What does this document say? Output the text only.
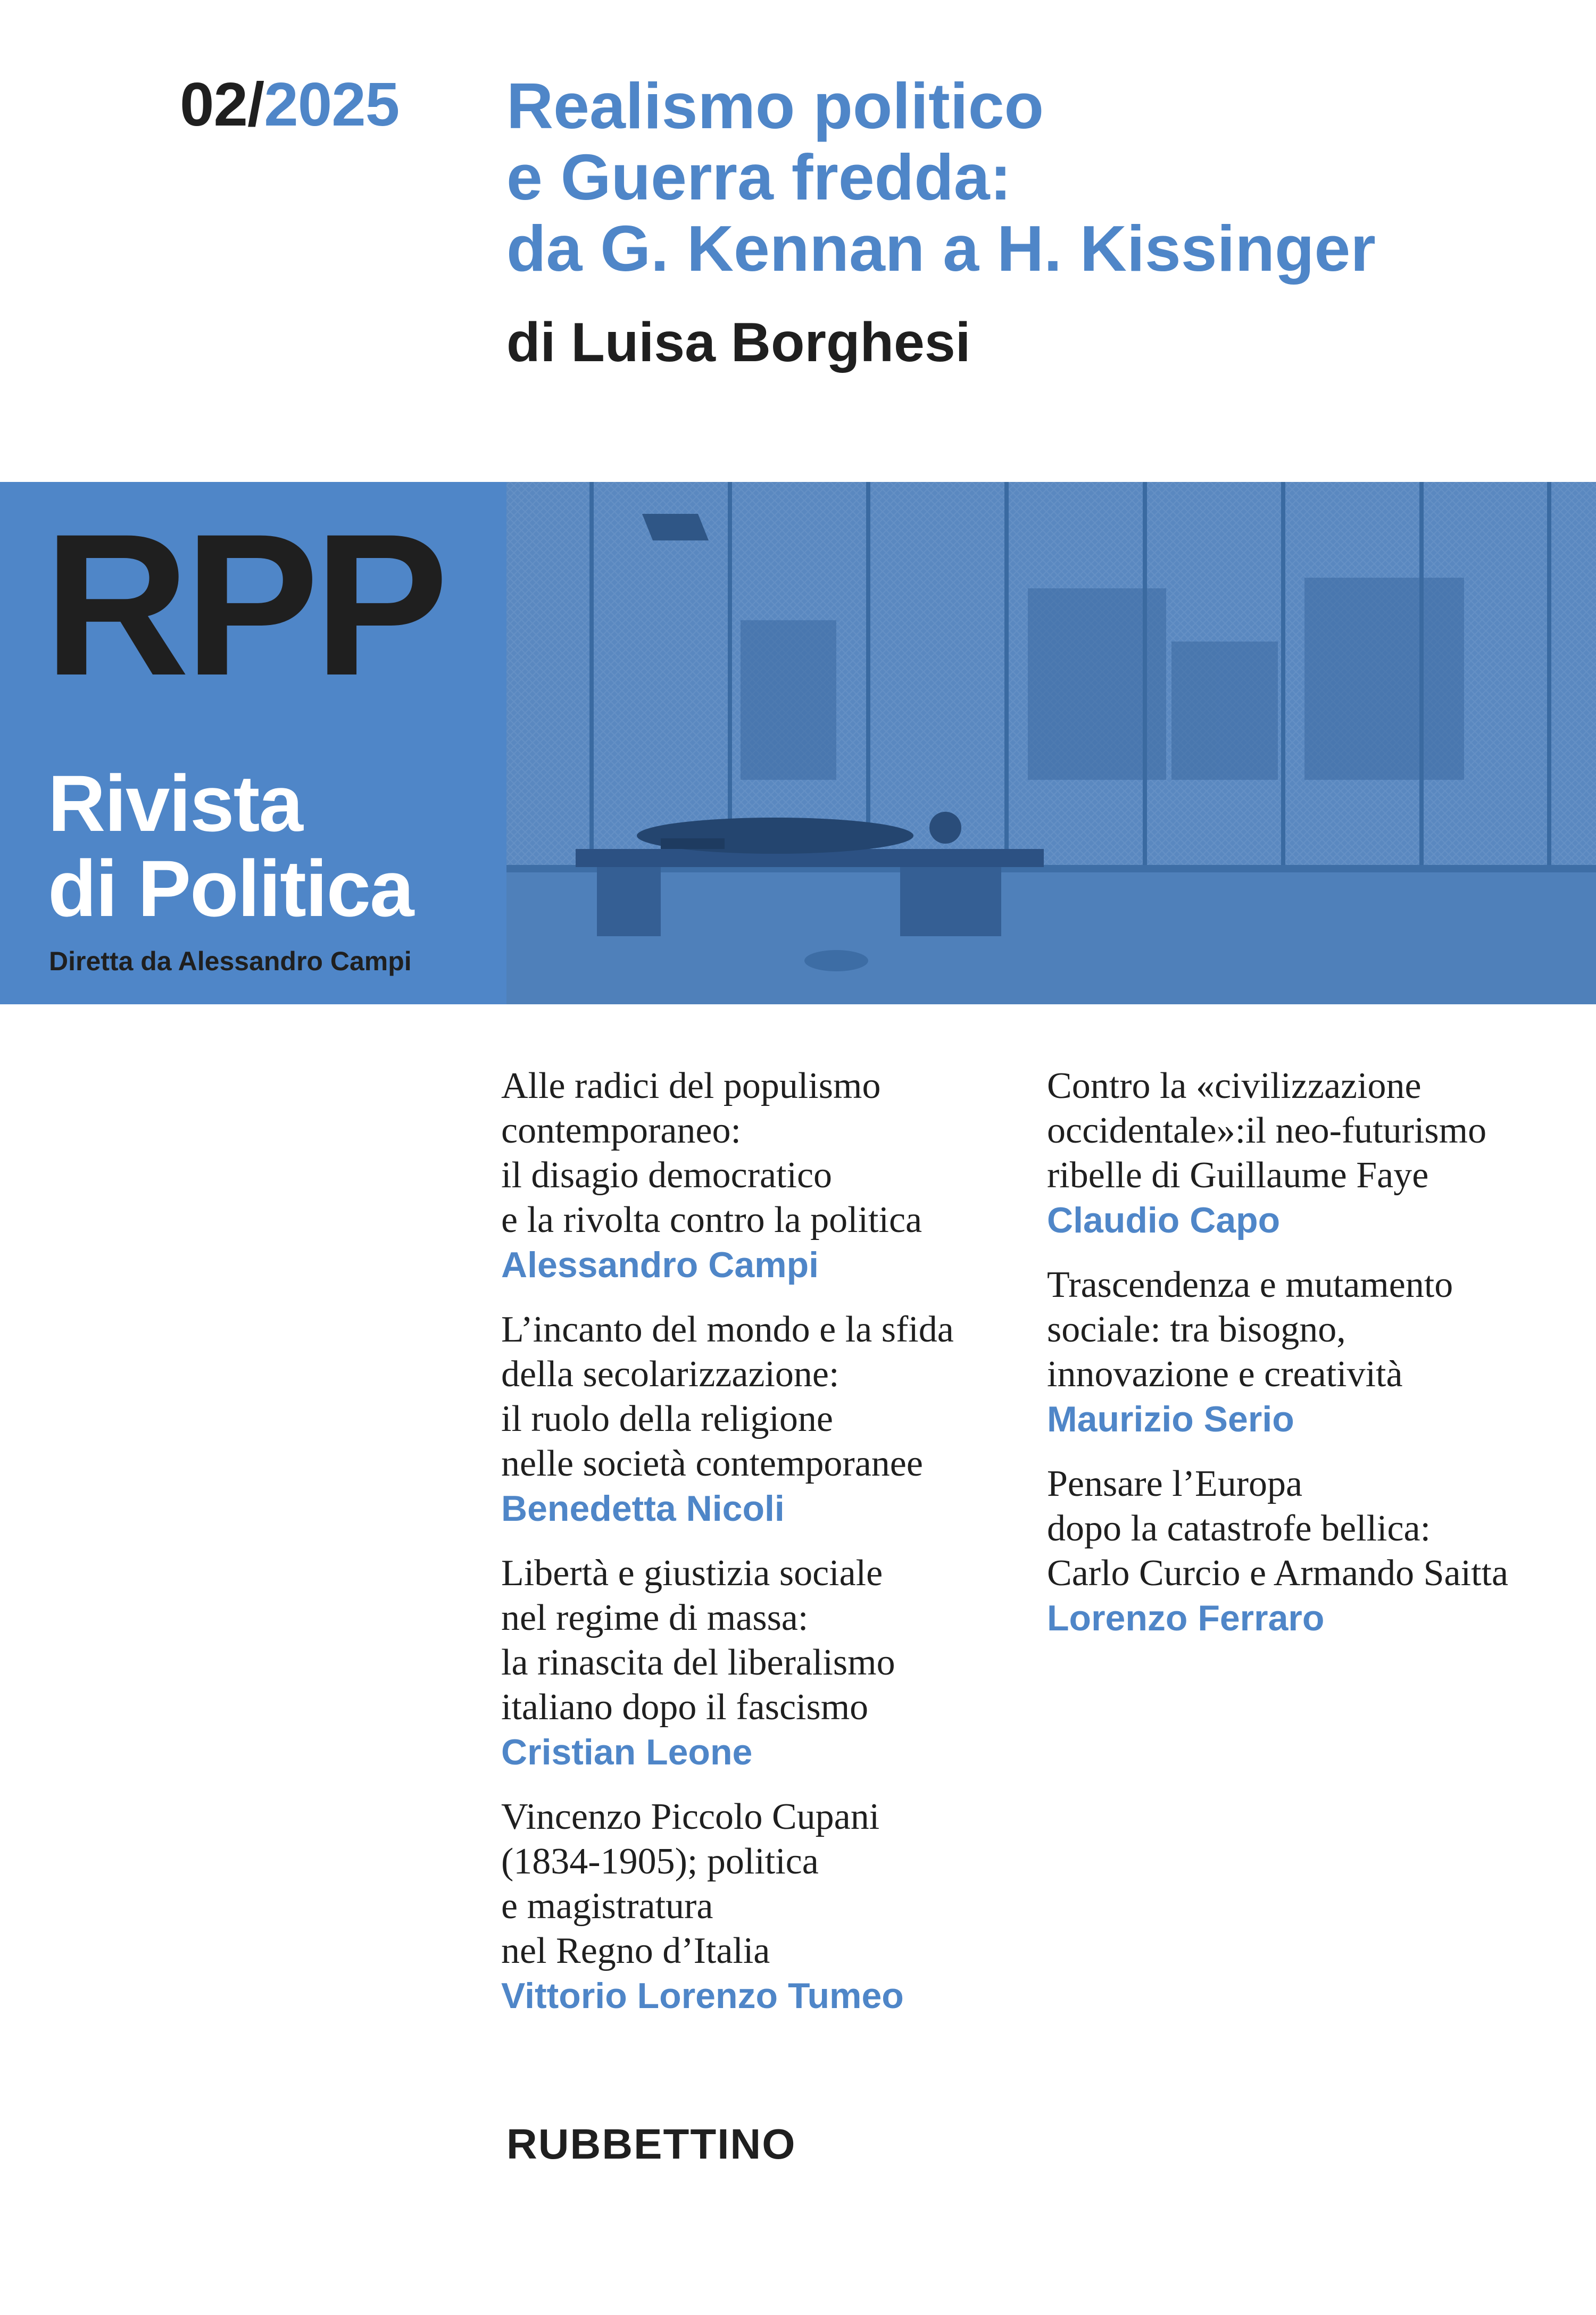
02/2025 Realismo politico
e Guerra fredda:
da G. Kennan a H. Kissinger
di Luisa Borghesi
RPP
Rivista
di Politica
Diretta da Alessandro Campi
Alle radici del populismo
contemporaneo:
il disagio democratico
e la rivolta contro la politica
Alessandro Campi
L’incanto del mondo e la sfida
della secolarizzazione:
il ruolo della religione
nelle società contemporanee
Benedetta Nicoli
Libertà e giustizia sociale
nel regime di massa:
la rinascita del liberalismo
italiano dopo il fascismo
Cristian Leone
Vincenzo Piccolo Cupani
(1834-1905); politica
e magistratura
nel Regno d’Italia
Vittorio Lorenzo Tumeo
Contro la «civilizzazione
occidentale»:il neo-futurismo
ribelle di Guillaume Faye
Claudio Capo
Trascendenza e mutamento
sociale: tra bisogno,
innovazione e creatività
Maurizio Serio
Pensare l’Europa
dopo la catastrofe bellica:
Carlo Curcio e Armando Saitta
Lorenzo Ferraro
RUBBETTINO
